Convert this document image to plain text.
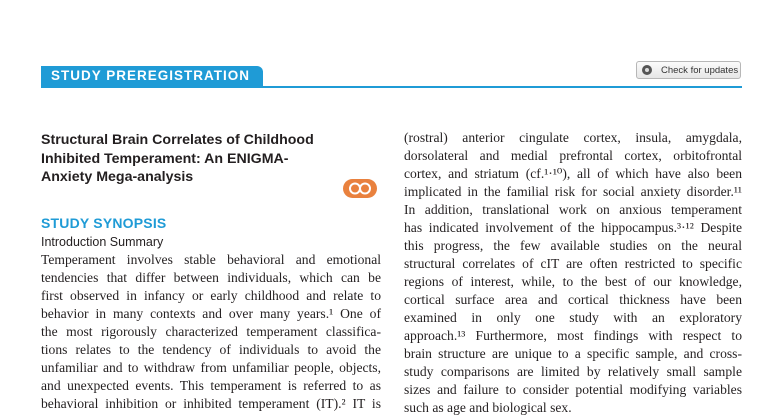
STUDY PREREGISTRATION	Check for updates
Structural Brain Correlates of Childhood
Inhibited Temperament: An ENIGMA-
Anxiety Mega-analysis
STUDY SYNOPSIS
Introduction Summary

Temperament involves stable behavioral and emotional
tendencies that differ between individuals, which can be
first observed in infancy or early childhood and relate to
behavior in many contexts and over many years.¹ One of
the most rigorously characterized temperament classifica-
tions relates to the tendency of individuals to avoid the
unfamiliar and to withdraw from unfamiliar people, objects,
and unexpected events. This temperament is referred to as
behavioral inhibition or inhibited temperament (IT).² IT is

(rostral) anterior cingulate cortex, insula, amygdala,
dorsolateral and medial prefrontal cortex, orbitofrontal
cortex, and striatum (cf.¹·¹⁰), all of which have also been
implicated in the familial risk for social anxiety disorder.¹¹
In addition, translational work on anxious temperament
has indicated involvement of the hippocampus.³·¹² Despite
this progress, the few available studies on the neural
structural correlates of cIT are often restricted to specific
regions of interest, while, to the best of our knowledge,
cortical surface area and cortical thickness have been
examined in only one study with an exploratory
approach.¹³ Furthermore, most findings with respect to
brain structure are unique to a specific sample, and cross-
study comparisons are limited by relatively small sample
sizes and failure to consider potential modifying variables
such as age and biological sex.
